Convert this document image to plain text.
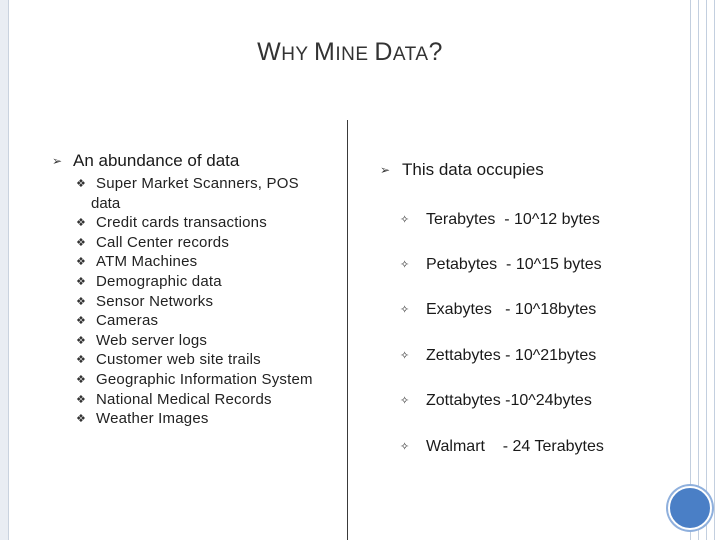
WHY MINE DATA?
➢ An abundance of data
❖ Super Market Scanners, POS
data
❖ Credit cards transactions
❖ Call Center records
❖ ATM Machines
❖ Demographic data
❖ Sensor Networks
❖ Cameras
❖ Web server logs
❖ Customer web site trails
❖ Geographic Information System
❖ National Medical Records
❖ Weather Images
➢ This data occupies
✧ Terabytes  - 10^12 bytes
✧ Petabytes  - 10^15 bytes
✧ Exabytes   - 10^18bytes
✧ Zettabytes - 10^21bytes
✧ Zottabytes -10^24bytes
✧ Walmart    - 24 Terabytes
